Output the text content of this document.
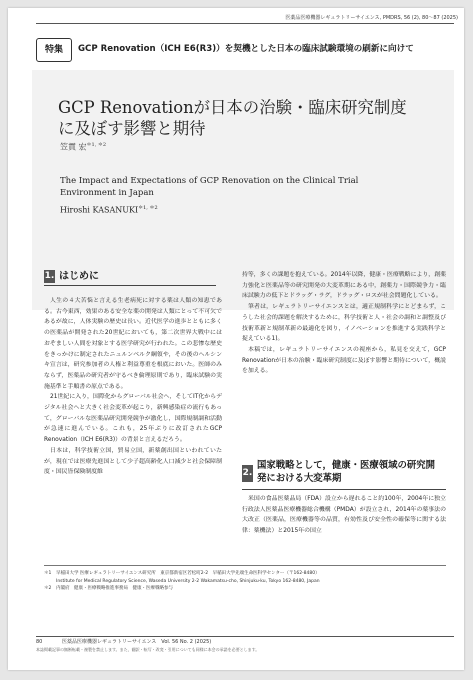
医薬品医療機器レギュラトリーサイエンス, PMDRS, 56 (2), 80〜87 (2025)
特集	GCP Renovation（ICH E6(R3)）を契機とした日本の臨床試験環境の刷新に向けて
GCP Renovationが日本の治験・臨床研究制度
に及ぼす影響と期待
笠貫 宏$^{*1, *2}$
The Impact and Expectations of GCP Renovation on the Clinical Trial
Environment in Japan
Hiroshi $KASANUKI^{*1, *2}$
1. $^{はじめに}$

人生の４大苦悩と言える生老病死に対する薬は人類の知恵である。古今東西，効果のある安全な薬の開発は人類にとって不可欠であるが故に，人体実験の歴史は長い。近代医学の進歩とともに多くの医薬品が開発された20世紀においても，第二次世界大戦中にはおぞましい人間を対象とする医学研究が行われた。この悲惨な歴史をきっかけに制定されたニュルンベルク綱領や，その後のヘルシンキ宣言は，研究参加者の人権と利益尊重を根底においた。医師のみならず，医薬品の研究者が守るべき倫理原則であり，臨床試験の実施基準と手順書の原点である。

21世紀に入り，国際化からグローバル社会へ，そしてIT化からデジタル社会へと大きく社会変革が起こり，新興感染症の流行もあって，グローバルな医薬品研究開発競争が激化し，国際規制調和活動が急速に進んでいる。これも，25年ぶりに改訂されたGCP Renovation（ICH E6(R3)）の背景と言えるだろう。

日本は，科学技術立国，貿易立国，新薬創出国といわれていたが，現在では医療先進国として少子超高齢化人口減少と社会保障制度・国民皆保険制度維

持等，多くの課題を抱えている。2014年以降，健康・医療戦略により，創薬力強化と医薬品等の研究開発の大変革期にある中，創薬力・国際競争力・臨床試験力の低下とドラッグ・ラグ，ドラッグ・ロスが社会問題化している。

筆者は，レギュラトリーサイエンスとは，適正規制科学にとどまらず，こうした社会的課題を解決するために，科学技術と人・社会の調和と調整及び技術革新と規制革新の最適化を図り，イノベーションを推進する実践科学と捉えている1)。

本稿では，レギュラトリーサイエンスの視座から，私見を交えて，GCP Renovationが日本の治験・臨床研究制度に及ぼす影響と期待について，概説を加える。

2.国家戦略として，健康・医療領域の研究開発における大変革期

米国の食品医薬品局（FDA）設立から遅れること約100年，2004年に独立行政法人医薬品医療機器総合機構（PMDA）が設立され，2014年の薬事法の大改正（医薬品，医療機器等の品質，有効性及び安全性の確保等に関する法律：薬機法）と2015年の国立

＊1 早稲田大学 医療レギュラトリーサイエンス研究所　東京都新宿区若松町2-2　早稲田大学先端生命医科学センター（〒162-8480）
Institute for Medical Regulatory Science, Waseda University 2-2 Wakamatsu-cho, Shinjuku-ku, Tokyo 162-8480, Japan
＊2 内閣府　健康・医療戦略推進事務局　健康・医療戦略参与
80	医薬品医療機器レギュラトリーサイエンス　Vol. 56 No. 2 (2025)
本誌掲載記事の無断転載・複製を禁止します。また，翻訳・転写・改変・引用についても同様に本会の承諾を必要とします。
